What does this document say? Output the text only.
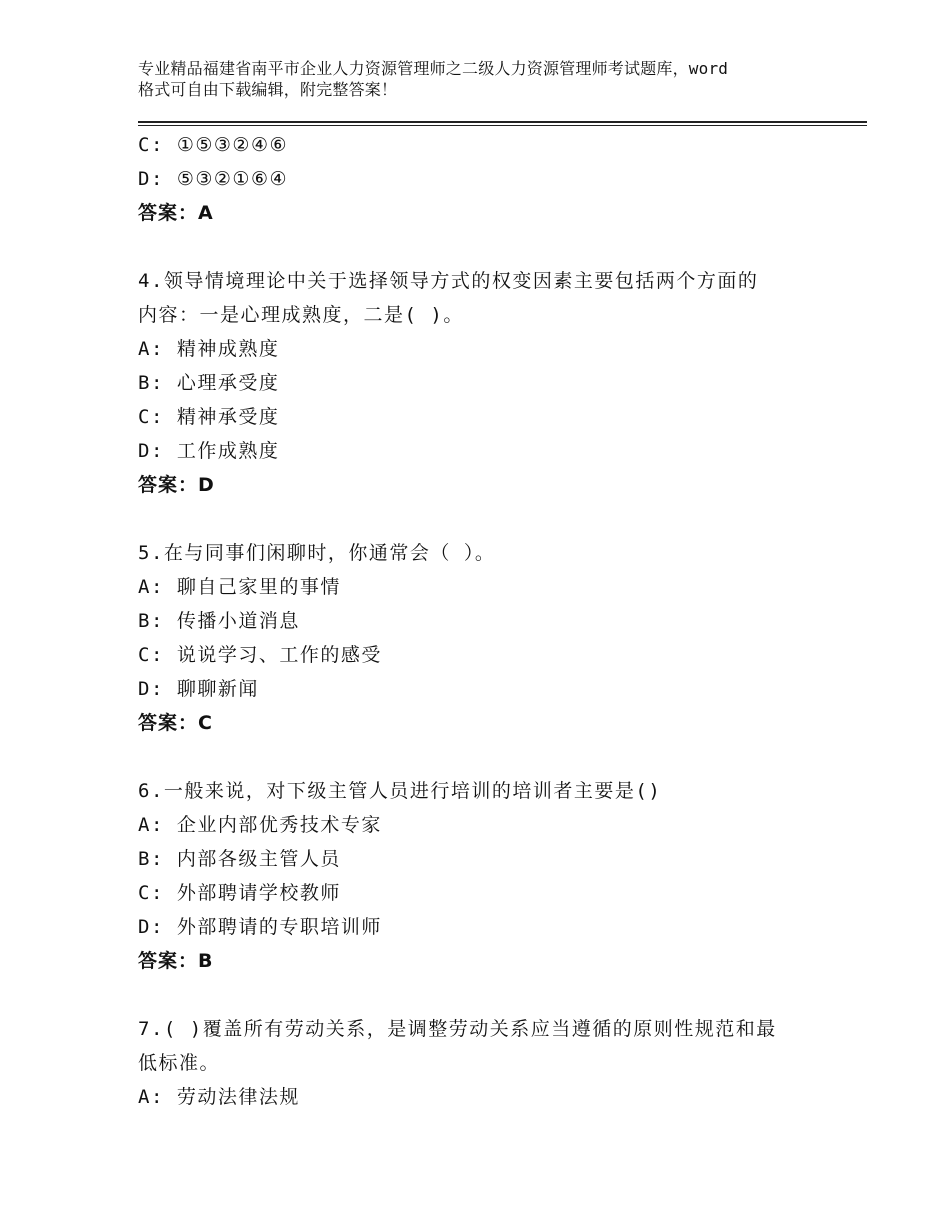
专业精品福建省南平市企业人力资源管理师之二级人力资源管理师考试题库，word
格式可自由下载编辑，附完整答案！
C: ①⑤③②④⑥
D: ⑤③②①⑥④
答案：A
4.领导情境理论中关于选择领导方式的权变因素主要包括两个方面的
内容：一是心理成熟度，二是( )。
A: 精神成熟度
B: 心理承受度
C: 精神承受度
D: 工作成熟度
答案：D
5.在与同事们闲聊时，你通常会（ ）。
A: 聊自己家里的事情
B: 传播小道消息
C: 说说学习、工作的感受
D: 聊聊新闻
答案：C
6.一般来说，对下级主管人员进行培训的培训者主要是()
A: 企业内部优秀技术专家
B: 内部各级主管人员
C: 外部聘请学校教师
D: 外部聘请的专职培训师
答案：B
7.( )覆盖所有劳动关系，是调整劳动关系应当遵循的原则性规范和最
低标准。
A: 劳动法律法规
